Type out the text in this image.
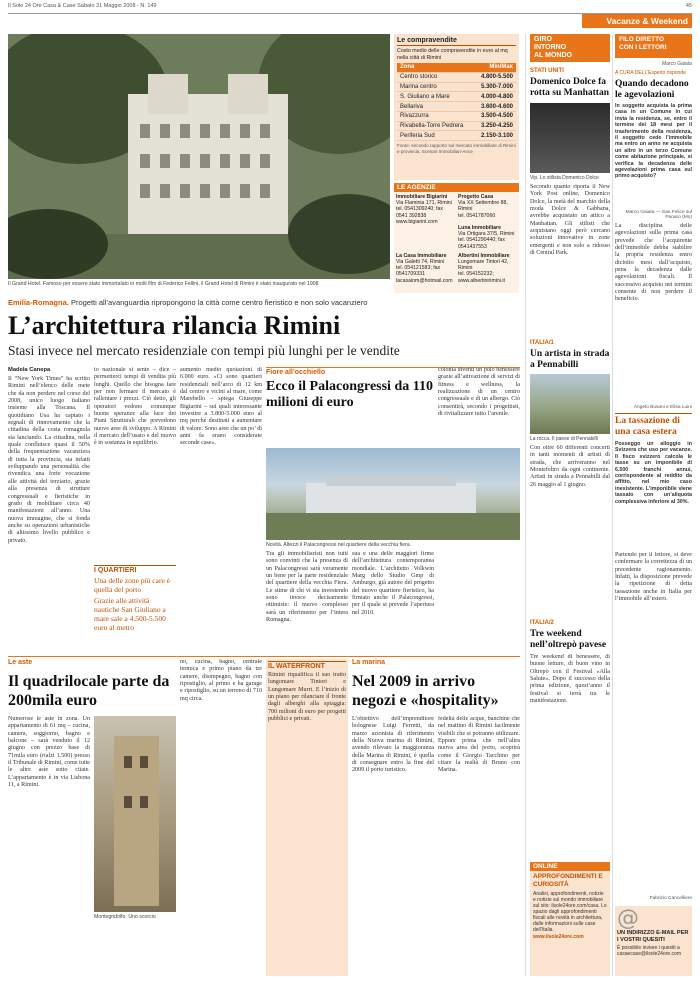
Il Sole 24 Ore Casa & Case Sabato 31 Maggio 2008 - N. 149	45
Vacanze & Weekend
Il Grand Hotel. Famoso per essere stato immortalato in molti film di Federico Fellini, il Grand Hotel di Rimini è stato inaugurato nel 1908
Le compravendite
Costo medio delle compravendite in euro al mq nella città di Rimini
Zona	Min/Max
Centro storico	4.800-5.500
Marina centro	5.300-7.000
S. Giuliano a Mare	4.000-4.800
Bellariva	3.600-4.600
Rivazzurra	3.500-4.500
Rivabella-Torre Pedrera	3.250-4.250
Periferia Sud	2.150-3.100
Fonte: secondo rapporto sul mercato immobiliare di Rimini e provincia, Scenari Immobiliari-Ance
LE AGENZIE
Immobiliare Bigiarini
Via Flaminia 171, Rimini
tel. 0541309240; fax 0541 392838
www.bigiarini.com
Progetto Casa
Via XX Settembre 88, Rimini
tel. 0541787060

Luna Immobiliare
Via Ortigara 37/5, Rimini
tel. 0541290440; fax 0541437553
La Casa Immobiliare
Via Galetti 74, Rimini
tel. 054121583; fax 0541709331
lacasainm@hotmail.com
Albertini Immobiliare
Lungomare Tintori 42, Rimini
tel. 054152232; www.albertinirimini.it
Emilia-Romagna. Progetti all’avanguardia ripropongono la città come centro fieristico e non solo vacanziero
L’architettura rilancia Rimini
Stasi invece nel mercato residenziale con tempi più lunghi per le vendite
Madela Canepa
Il “New York Times” ha scritto Rimini nell’elenco delle mete che da non perdere nel corso del 2008, unico luogo italiano insieme alla Toscana. Il quotidiano Usa ha captato i segnali di rinnovamento che la cittadina della costa romagnola sta lanciando. La cittadina, nella quale confluisce quasi il 50% della frequentazione vacanziera di tutta la provincia, sta infatti sviluppando una personalità che rivendica una forte vocazione alle attività del terziario, grazie alla presenza di strutture congressuali e fieristiche in grado di mobilitare circa 40 manifestazioni all’anno. Una nuova immagine, che si fonda anche su operazioni urbanistiche di altissimo livello pubblico e privato.
to nazionale si sente – dice – permetterci tempi di vendita più lunghi. Quello che bisogna fare per non fermare il mercato è rallentare i prezzi. Ciò detto, gli operatori vedono comunque buone speranze alla luce dei Piani Strutturali che prevedono nuove aree di sviluppo. A Rimini il mercato dell’usato e del nuovo è in sostanza in equilibrio.
I QUARTIERI
Una delle zone più care è quella del porto
Grazie alle attività nautiche San Giuliano a mare sale a 4.500-5.500 euro al metro
aumento medio quotazioni di 6.000 euro. «Ci sono quartieri residenziali nell’arco di 12 km dal centro e vicini al mare, come Marebello – spiega Giuseppe Bigiarini – sui quali interessante investire a 3.800-5.000 euro al mq perché destinati a aumentare di valore. Sono aree che un po’ di anni fa erano considerate seconde case».
Fiore all’occhiello
Ecco il Palacongressi da 110 milioni di euro
Novità. Altezzi il Palacongressi nel quartiere della vecchia fiera.
Tra gli immobiliaristi non tutti sono convinti che la presenza di un Palacongressi sarà veramente un bene per la parte residenziale del quartiere della vecchia Fiera. Le stime di chi vi sta investendo sono invece decisamente ottimiste: il nuovo complesso sarà un riferimento per l’intera Romagna.
sua e una delle maggiori firme dell’architettura contemporanea mondiale. L’architetto Volkwin Marg dello Studio Gmp di Amburgo, già autore del progetto del nuovo quartiere fieristico, ha firmato anche il Palacongressi, per il quale si prevede l’apertura nel 2010.
colonia diventi un polo benessere grazie all’attivazione di servizi di fitness e wellness, la realizzazione di un centro congressuale e di un albergo. Ciò consentirà, secondo i progettisti, di rivitalizzare tutto l’arenile.
Le aste
Il quadrilocale parte da 200mila euro
Numerose le aste in zona. Un appartamento di 61 mq – cucina, camera, soggiorno, bagno e balcone – sarà venduto il 12 giugno con prezzo base di 71mila euro (rialzi 1.500) presso il Tribunale di Rimini, come tutte le altre aste sotto citate. L’appartamento è in via Lisbona 11, a Rimini.
Montegridolfo. Uno scorcio
no, cucina, bagno, centrale termica e primo piano da tre camere, disimpegno, bagno con ripostiglio, al primo e ha garage e ripostiglio, su un terreno di 710 mq circa.
IL WATERFRONT
Rimini riqualifica il suo tratto lungomare Tintori e Lungomare Murri. E l’inizio di un piano per rilanciare il fronte dagli alberghi alla spiaggia: 700 milioni di euro per progetti pubblici e privati.
La marina
Nel 2009 in arrivo negozi e «hospitality»
L’obiettivo dell’imprenditore bolognese Luigi Ferretti, da marzo azionista di riferimento della Nuova marina di Rimini, avendo rilevato la maggioranza della Marina di Rimini, è quella di consegnare entro la fine del 2009 il porto turistico.
fedeltà delle acque, banchine che nel mattino di Rimini facilmente visibili che si potranno utilizzare. Eppure prima che nell’altra nuova area del porto, scoprirà come il Giorgio Tacchino per citare la realtà di Bruno con Marina.
GIRO
INTORNO
AL MONDO
STATI UNITI
Domenico Dolce fa rotta su Manhattan
Vip. Lo stilista Domenico Dolce
Secondo quanto riporta il New York Post online, Domenico Dolce, la metà del marchio della moda Dolce & Gabbana, avrebbe acquistato un attico a Manhattan. Gli stilisti che acquistano oggi però cercano soluzioni innovative in zone emergenti e non solo a ridosso di Central Park.
ITALIA/1
Un artista in strada a Pennabilli
La rocca. Il paese di Pennabilli
Con oltre 60 differenti concerti in tanti momenti di artisti di strada, che arriveranno nel Montefeltro da ogni continente. Artisti in strada a Pennabilli dal 26 maggio al 1 giugno.
ITALIA/2
Tre weekend nell’oltrepò pavese
Tre weekend di benessere, di buone letture, di buon vino in Oltrepò con il Festival «Alla Salute». Dopo il successo della prima edizione, quest’anno il festival si terrà tra le manifestazioni.
ONLINE
APPROFONDIMENTI E CURIOSITÀ
Analisi, approfondimenti, notizie e notizie sul mondo immobiliare sul sito: ilsole24ore.com/casa. Lo spazio dagli approfondimenti fiscali alle novità in architettura, dalle informazioni sulle case dell’Italia.
www.ilsole24ore.com
FILO DIRETTO
CON I LETTORI
Marco Gaiata
A CURA DELL’Esperto risponde
Quando decadono le agevolazioni
In soggetto acquista la prima casa in un Comune in cui invia la residenza, se, entro il termine dei 18 mesi per il trasferimento della residenza, il soggetto cede l’immobile ma entro un anno ne acquista un altro in un terzo Comune come abitazione principale, si verifica la decadenza delle agevolazioni prima casa sul primo acquisto?
Marco Gaiata — San Felice sul Panaro (Mo)
La disciplina delle agevolazioni sulla prima casa prevede che l’acquirente dell’immobile debba stabilire la propria residenza entro diciotto mesi dall’acquisto, pena la decadenza dalle agevolazioni fiscali. Il successivo acquisto nei termini consente di non perdere il beneficio.
Angelo Busani e Elisa Luini
La tassazione di una casa estera
Posseggo un alloggio in Svizzera che uso per vacanze. Il fisco svizzero calcola le tasse su un imponibile di 6.500 franchi annui, corrispondente al reddito da affitto, nel mio caso inesistente. L’imponibile viene tassato con un’aliquota complessiva inferiore al 30%.
Partendo per il lettore, si deve confermare la correttezza di un precedente ragionamento. Infatti, la disposizione prevede la ripetizione di detta tassazione anche in Italia per l’immobile all’estero.
Fabrizio Cancelliere
@
UN INDIRIZZO E-MAIL PER I VOSTRI QUESITI
È possibile inviare i quesiti a casaecase@ilsole24ore.com
